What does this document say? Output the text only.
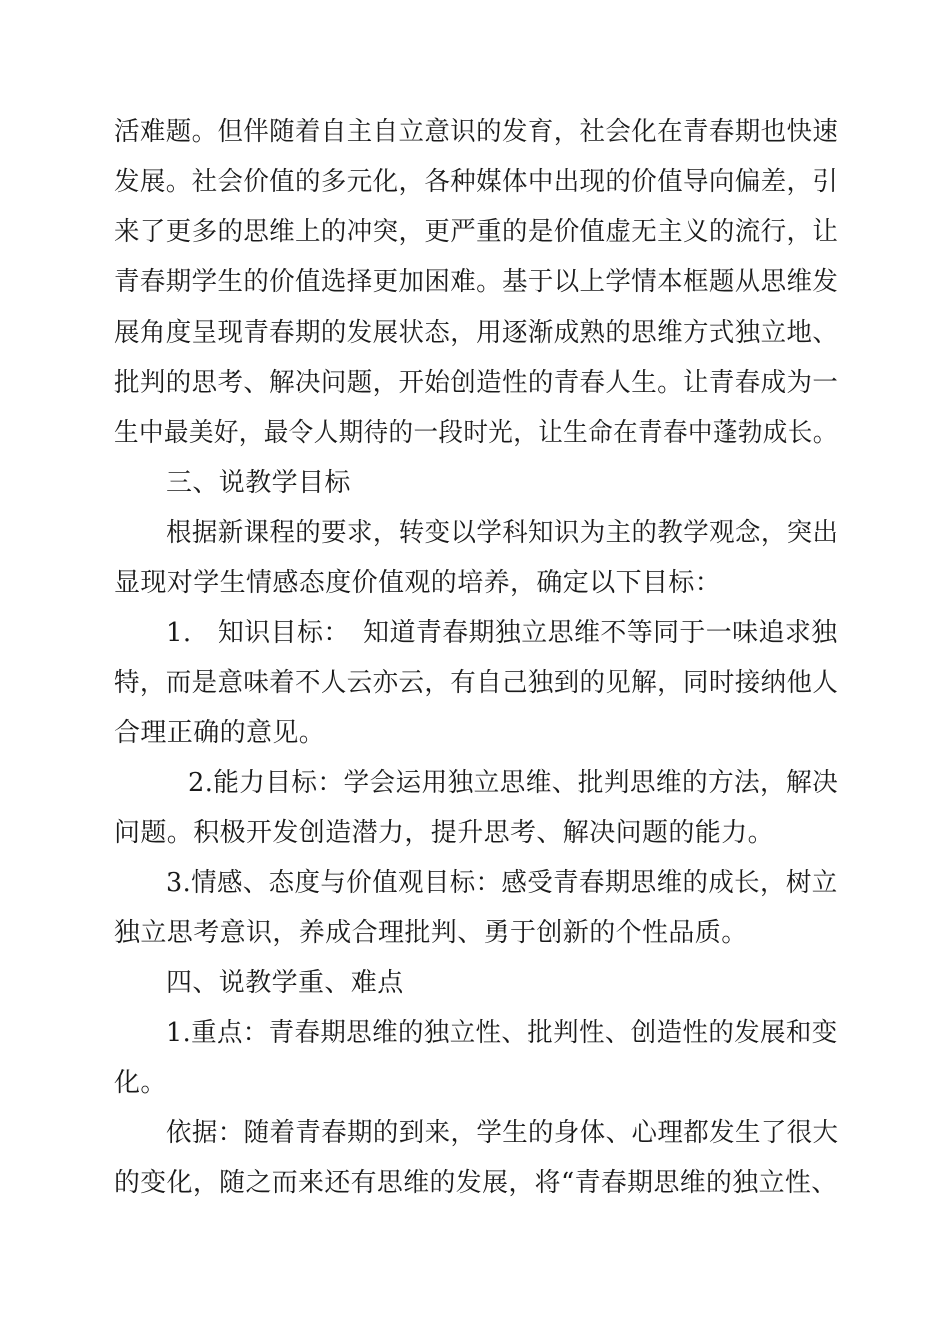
活难题。但伴随着自主自立意识的发育，社会化在青春期也快速
发展。社会价值的多元化，各种媒体中出现的价值导向偏差，引
来了更多的思维上的冲突，更严重的是价值虚无主义的流行，让
青春期学生的价值选择更加困难。基于以上学情本框题从思维发
展角度呈现青春期的发展状态，用逐渐成熟的思维方式独立地、
批判的思考、解决问题，开始创造性的青春人生。让青春成为一
生中最美好，最令人期待的一段时光，让生命在青春中蓬勃成长。
三、说教学目标
根据新课程的要求，转变以学科知识为主的教学观念，突出
显现对学生情感态度价值观的培养，确定以下目标：
1.　知识目标：　知道青春期独立思维不等同于一味追求独
特，而是意味着不人云亦云，有自己独到的见解，同时接纳他人
合理正确的意见。
2.能力目标：学会运用独立思维、批判思维的方法，解决
问题。积极开发创造潜力，提升思考、解决问题的能力。
3.情感、态度与价值观目标：感受青春期思维的成长，树立
独立思考意识，养成合理批判、勇于创新的个性品质。
四、说教学重、难点
1.重点：青春期思维的独立性、批判性、创造性的发展和变
化。
依据：随着青春期的到来，学生的身体、心理都发生了很大
的变化，随之而来还有思维的发展，将“青春期思维的独立性、
